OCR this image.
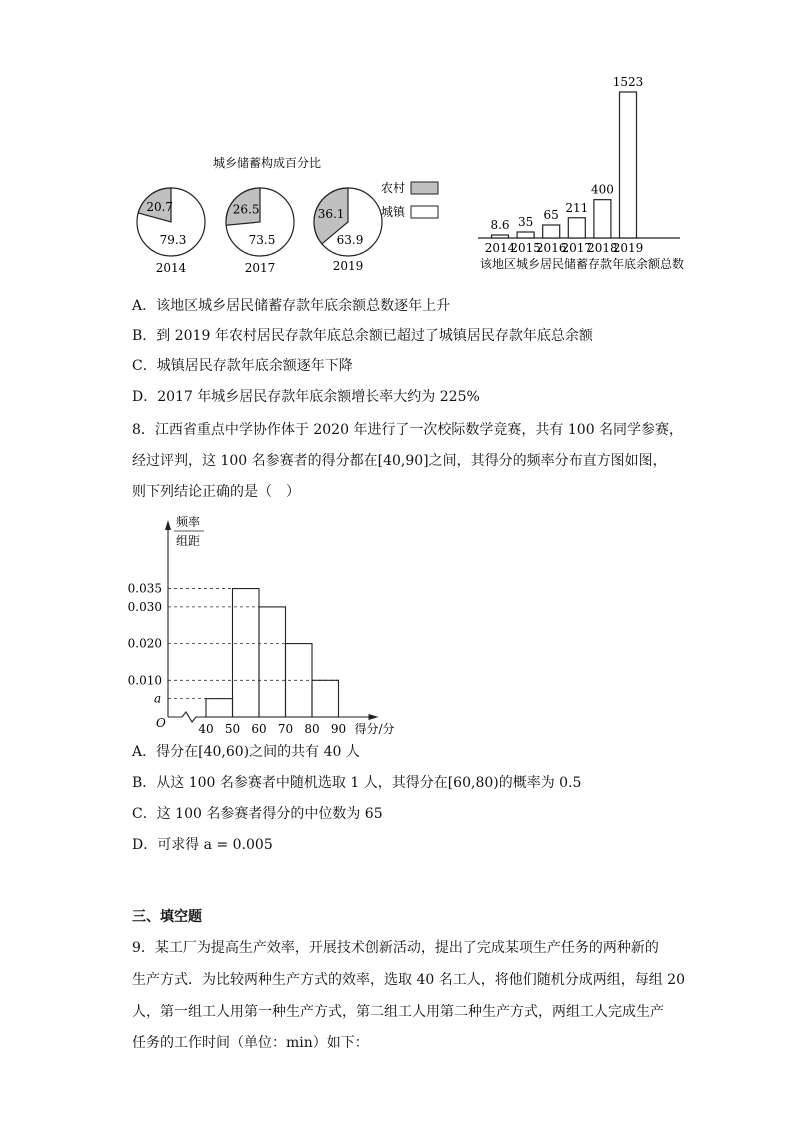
城乡储蓄构成百分比
20.7
79.3
2014
26.5
73.5
2017
36.1
63.9
2019
农村
城镇
8.6
2014
35
2015
65
2016
211
2017
400
2018
1523
2019
该地区城乡居民储蓄存款年底余额总数
A．该地区城乡居民储蓄存款年底余额总数逐年上升
B．到 2019 年农村居民存款年底总余额已超过了城镇居民存款年底总余额
C．城镇居民存款年底余额逐年下降
D．2017 年城乡居民存款年底余额增长率大约为 225%
8．江西省重点中学协作体于 2020 年进行了一次校际数学竞赛，共有 100 名同学参赛，
经过评判，这 100 名参赛者的得分都在[40,90]之间，其得分的频率分布直方图如图，
则下列结论正确的是（　）
频率
组距
O
0.035
0.030
0.020
0.010
a
40 50 60 70 80 90 得分/分
A．得分在[40,60)之间的共有 40 人
B．从这 100 名参赛者中随机选取 1 人，其得分在[60,80)的概率为 0.5
C．这 100 名参赛者得分的中位数为 65
D．可求得 a = 0.005
三、填空题
9．某工厂为提高生产效率，开展技术创新活动，提出了完成某项生产任务的两种新的
生产方式．为比较两种生产方式的效率，选取 40 名工人，将他们随机分成两组，每组 20
人，第一组工人用第一种生产方式，第二组工人用第二种生产方式，两组工人完成生产
任务的工作时间（单位：min）如下：
